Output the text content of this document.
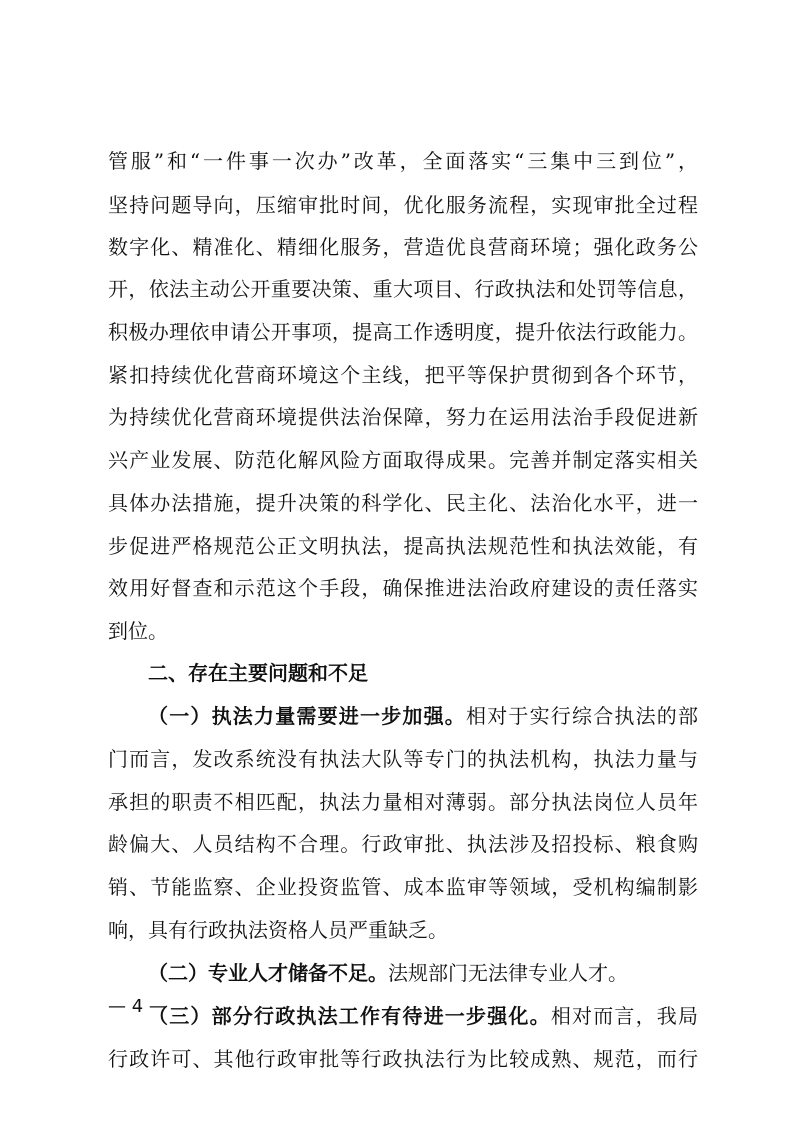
管服”和“一件事一次办”改革，全面落实“三集中三到位”，
坚持问题导向，压缩审批时间，优化服务流程，实现审批全过程
数字化、精准化、精细化服务，营造优良营商环境；强化政务公
开，依法主动公开重要决策、重大项目、行政执法和处罚等信息，
积极办理依申请公开事项，提高工作透明度，提升依法行政能力。
紧扣持续优化营商环境这个主线，把平等保护贯彻到各个环节，
为持续优化营商环境提供法治保障，努力在运用法治手段促进新
兴产业发展、防范化解风险方面取得成果。完善并制定落实相关
具体办法措施，提升决策的科学化、民主化、法治化水平，进一
步促进严格规范公正文明执法，提高执法规范性和执法效能，有
效用好督查和示范这个手段，确保推进法治政府建设的责任落实
到位。
二、存在主要问题和不足
（一）执法力量需要进一步加强。相对于实行综合执法的部
门而言，发改系统没有执法大队等专门的执法机构，执法力量与
承担的职责不相匹配，执法力量相对薄弱。部分执法岗位人员年
龄偏大、人员结构不合理。行政审批、执法涉及招投标、粮食购
销、节能监察、企业投资监管、成本监审等领域，受机构编制影
响，具有行政执法资格人员严重缺乏。
（二）专业人才储备不足。法规部门无法律专业人才。
（三）部分行政执法工作有待进一步强化。相对而言，我局
行政许可、其他行政审批等行政执法行为比较成熟、规范，而行
— 4 —
